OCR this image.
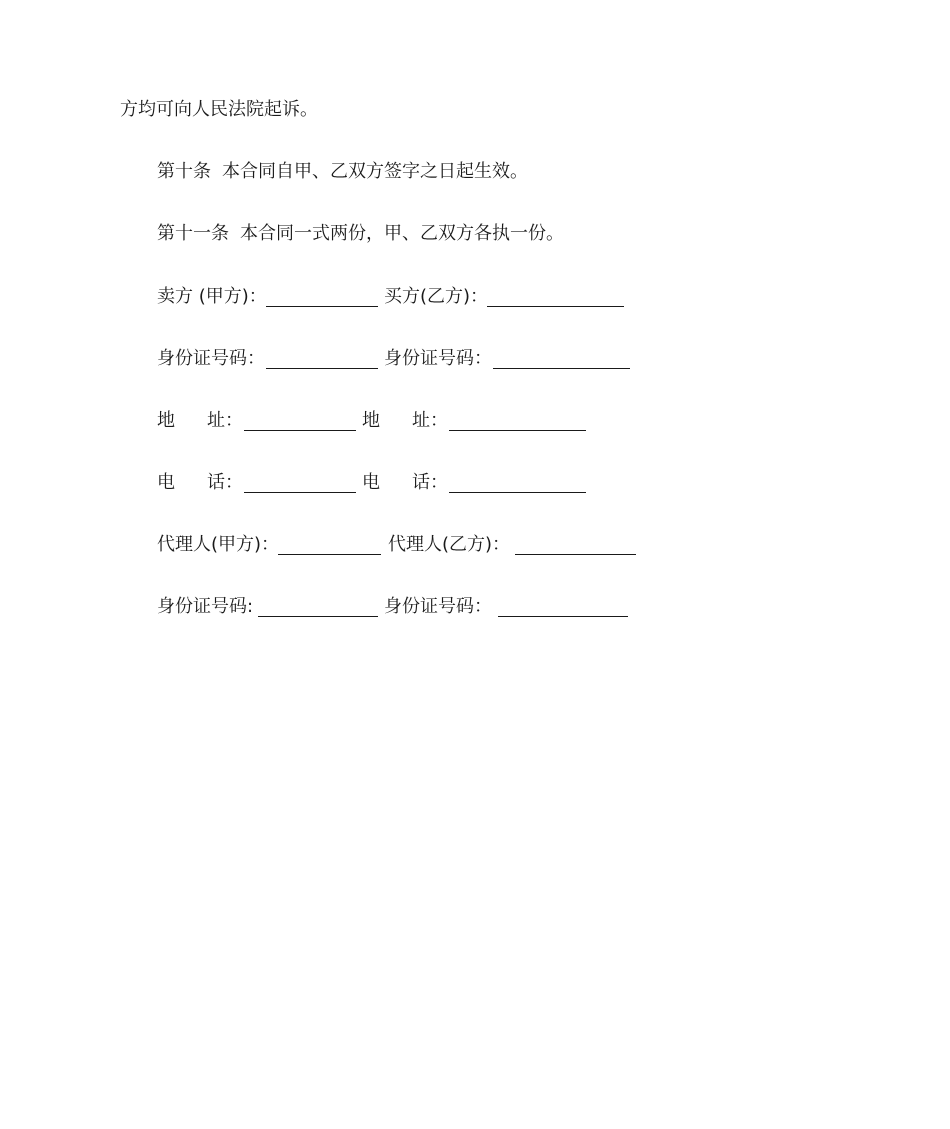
方均可向人民法院起诉。
第十条 本合同自甲、乙双方签字之日起生效。
第十一条 本合同一式两份，甲、乙双方各执一份。
卖方 (甲方)：	买方(乙方)：
身份证号码：	身份证号码：
地 址：	地 址：
电 话：	电 话：
代理人(甲方)：	代理人(乙方)：
身份证号码:	身份证号码：
